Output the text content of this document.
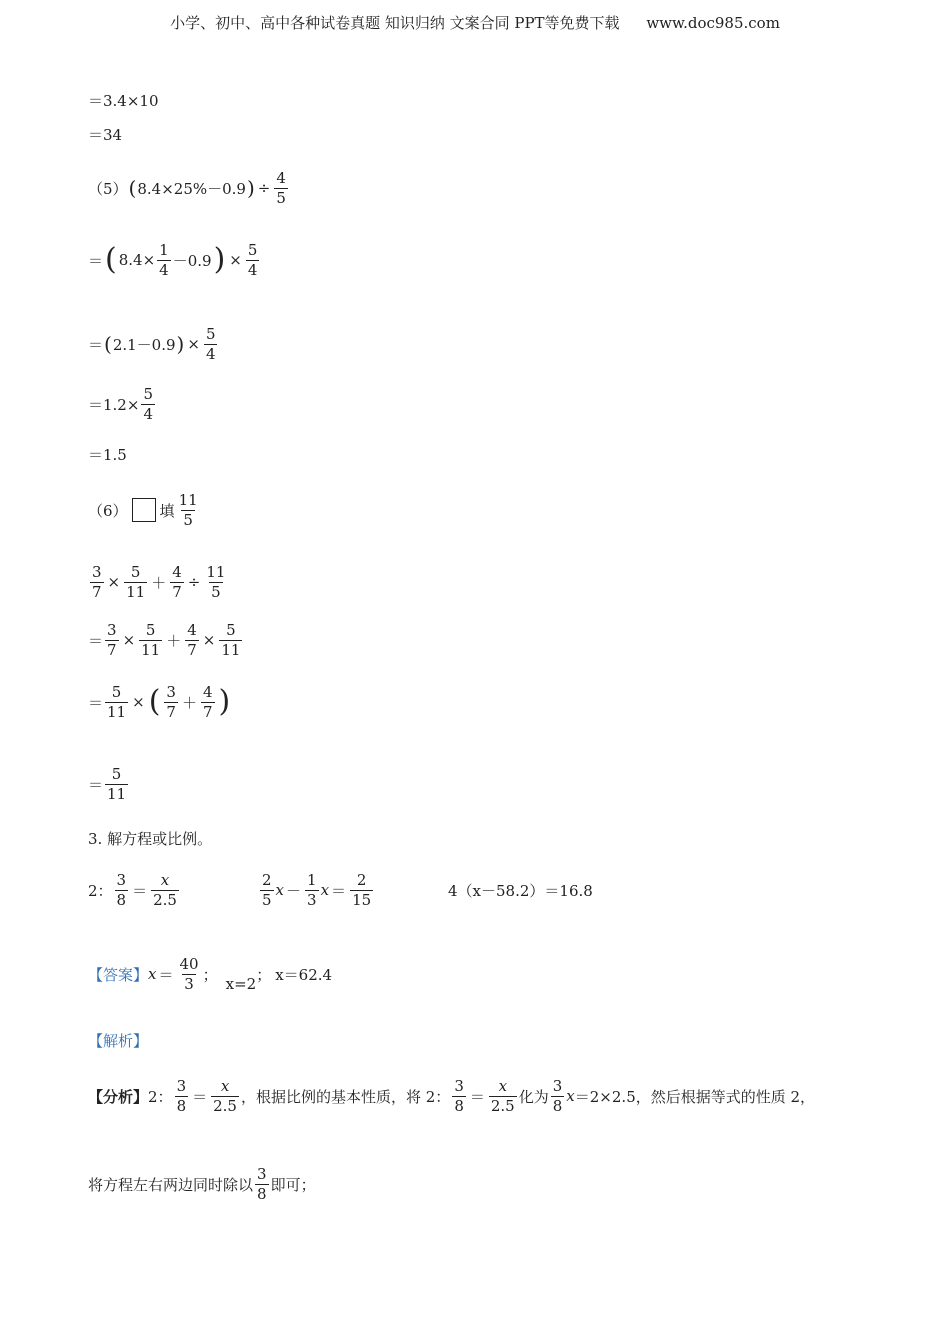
小学、初中、高中各种试卷真题 知识归纳 文案合同 PPT等免费下载 www.doc985.com
＝3.4×10
＝34
（5） ( 8.4×25%－0.9 ) ÷ $\frac{4}{5}$
＝ ( $8.4\times \frac{1}{4} -0.9$ ) × $\frac{5}{4}$
＝ ( 2.1－0.9 ) × $\frac{5}{4}$
$=1.2\times \frac{5}{4}$
＝1.5
（6） 填 $\frac{11}{5}$
$\frac{3}{7} \times \frac{5}{11} + \frac{4}{7} \div \frac{11}{5}$
＝ $\frac{3}{7} \times \frac{5}{11} + \frac{4}{7} \times \frac{5}{11}$
＝ $\frac{5}{11}$ × ( $\frac{3}{7} + \frac{4}{7}$ )
＝ $\frac{5}{11}$
3. 解方程或比例。
2： $\frac{3}{8} = \frac{x}{2.5}$	$\frac{2}{5}$ $x - \frac{1}{3}$ $x = \frac{2}{15}$	4（x－58.2）＝16.8
【答案】 $x = \frac{40}{3}$ ；
x=2
； x＝62.4
【解析】
【分析】 2： $\frac{3}{8} = \frac{x}{2.5}$ ，根据比例的基本性质，将 2： $\frac{3}{8} = \frac{x}{2.5}$ 化为 $\frac{3}{8}$ x ＝2×2.5 ，然后根据等式的性质 2，
将方程左右两边同时除以 $\frac{3}{8}$ 即可；
